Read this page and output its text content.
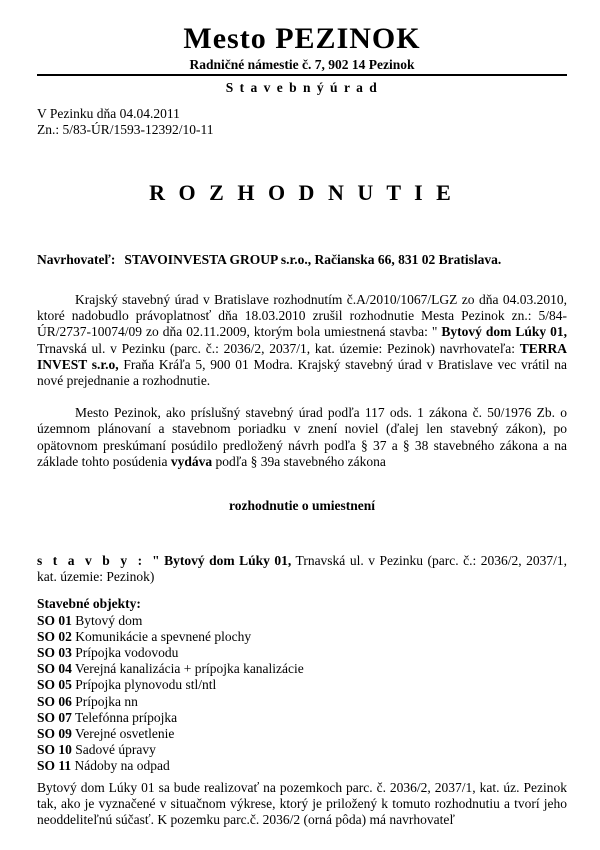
Mesto PEZINOK
Radničné námestie č. 7, 902 14 Pezinok
S t a v e b n ý ú r a d
V Pezinku dňa 04.04.2011
Zn.: 5/83-ÚR/1593-12392/10-11
R O Z H O D N U T I E
Navrhovateľ: STAVOINVESTA GROUP s.r.o., Račianska 66, 831 02 Bratislava.

Krajský stavebný úrad v Bratislave rozhodnutím č.A/2010/1067/LGZ zo dňa 04.03.2010, ktoré nadobudlo právoplatnosť dňa 18.03.2010 zrušil rozhodnutie Mesta Pezinok zn.: 5/84-ÚR/2737-10074/09 zo dňa 02.11.2009, ktorým bola umiestnená stavba: " Bytový dom Lúky 01, Trnavská ul. v Pezinku (parc. č.: 2036/2, 2037/1, kat. územie: Pezinok) navrhovateľa: TERRA INVEST s.r.o, Fraňa Kráľa 5, 900 01 Modra. Krajský stavebný úrad v Bratislave vec vrátil na nové prejednanie a rozhodnutie.

Mesto Pezinok, ako príslušný stavebný úrad podľa 117 ods. 1 zákona č. 50/1976 Zb. o územnom plánovaní a stavebnom poriadku v znení noviel (ďalej len stavebný zákon), po opätovnom preskúmaní posúdilo predložený návrh podľa § 37 a § 38 stavebného zákona a na základe tohto posúdenia vydáva podľa § 39a stavebného zákona

rozhodnutie o umiestnení

s t a v b y : " Bytový dom Lúky 01, Trnavská ul. v Pezinku (parc. č.: 2036/2, 2037/1, kat. územie: Pezinok)

Stavebné objekty:
SO 01 Bytový dom
SO 02 Komunikácie a spevnené plochy
SO 03 Prípojka vodovodu
SO 04 Verejná kanalizácia + prípojka kanalizácie
SO 05 Prípojka plynovodu stl/ntl
SO 06 Prípojka nn
SO 07 Telefónna prípojka
SO 09 Verejné osvetlenie
SO 10 Sadové úpravy
SO 11 Nádoby na odpad

Bytový dom Lúky 01 sa bude realizovať na pozemkoch parc. č. 2036/2, 2037/1, kat. úz. Pezinok tak, ako je vyznačené v situačnom výkrese, ktorý je priložený k tomuto rozhodnutiu a tvorí jeho neoddeliteľnú súčasť. K pozemku parc.č. 2036/2 (orná pôda) má navrhovateľ
